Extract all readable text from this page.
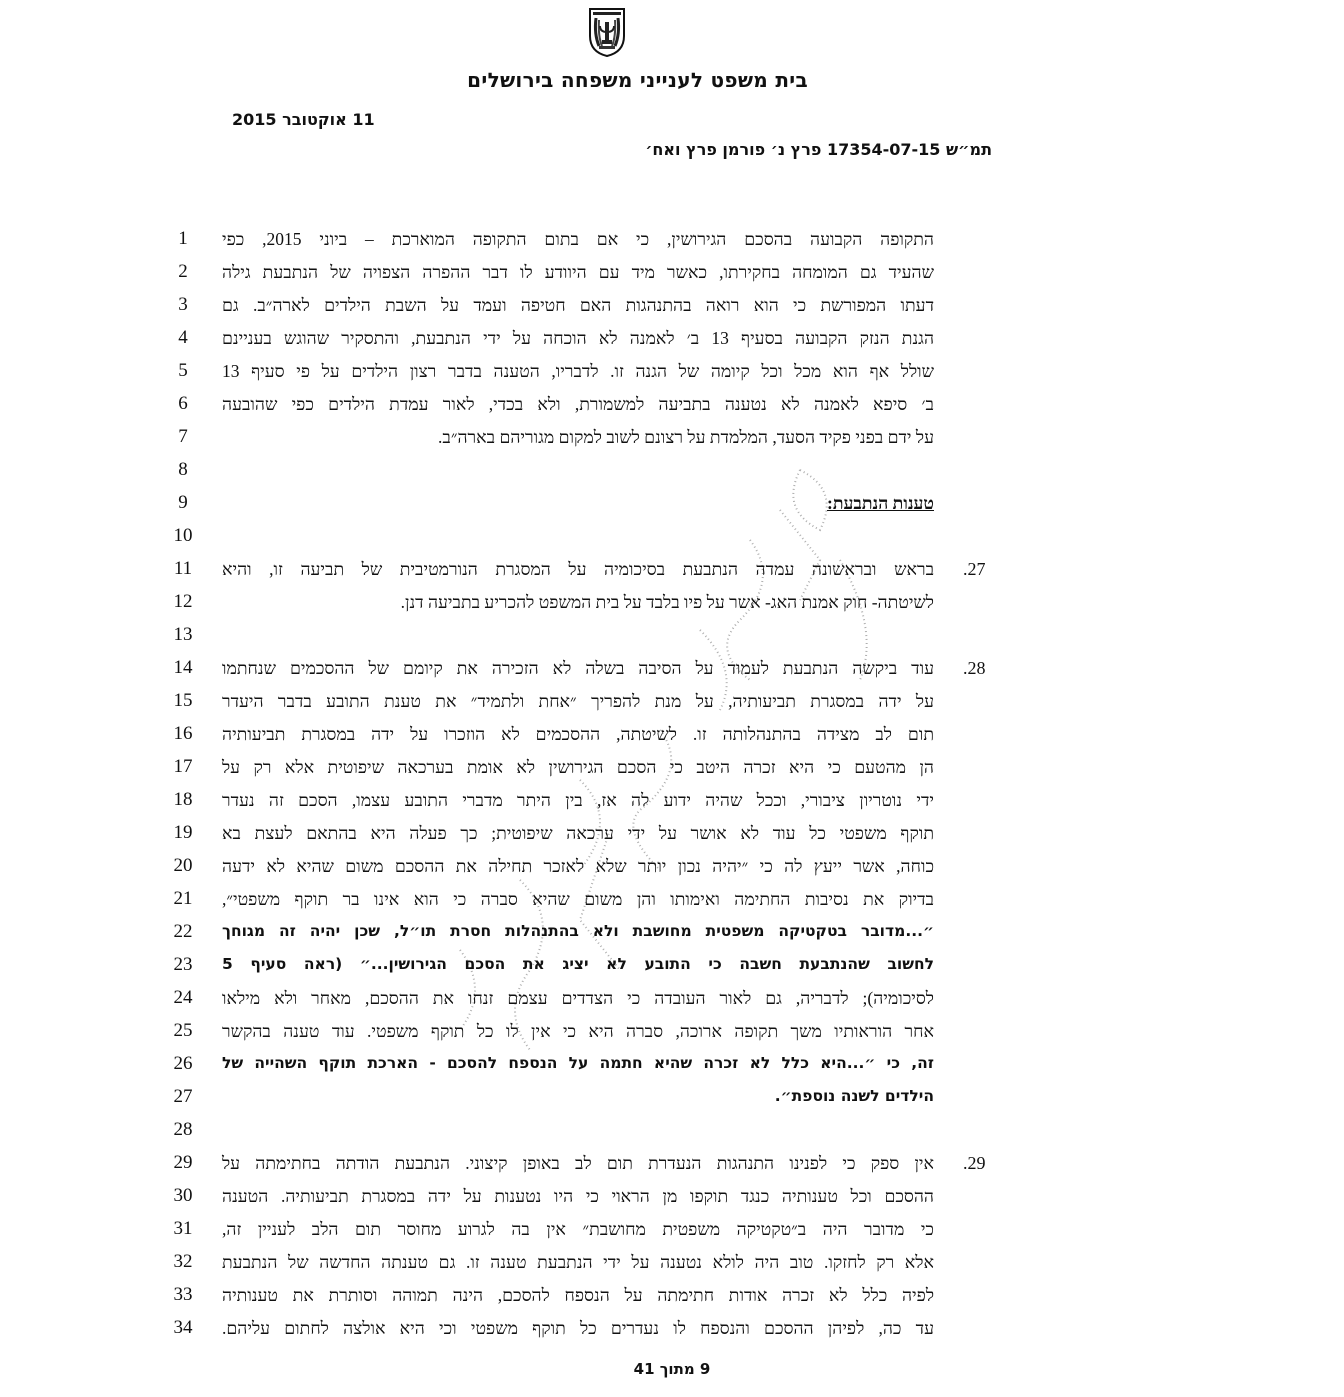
בית משפט לענייני משפחה בירושלים
11 אוקטובר 2015
תמ״ש 17354-07-15 פרץ נ׳ פורמן פרץ ואח׳
1	התקופה הקבועה בהסכם הגירושין, כי אם בתום התקופה המוארכת – ביוני 2015, כפי
2	שהעיד גם המומחה בחקירתו, כאשר מיד עם היוודע לו דבר ההפרה הצפויה של הנתבעת גילה
3	דעתו המפורשת כי הוא רואה בהתנהגות האם חטיפה ועמד על השבת הילדים לארה״ב. גם
4	הגנת הנזק הקבועה בסעיף 13 ב׳ לאמנה לא הוכחה על ידי הנתבעת, והתסקיר שהוגש בעניינם
5	שולל אף הוא מכל וכל קיומה של הגנה זו. לדבריו, הטענה בדבר רצון הילדים על פי סעיף 13
6	ב׳ סיפא לאמנה לא נטענה בתביעה למשמורת, ולא בכדי, לאור עמדת הילדים כפי שהובעה
7	על ידם בפני פקיד הסעד, המלמדת על רצונם לשוב למקום מגוריהם בארה״ב.
8
9	טענות הנתבעת:
10
11	בראש ובראשונה עמדה הנתבעת בסיכומיה על המסגרת הנורמטיבית של תביעה זו, והיא .27
12	לשיטתה- חוק אמנת האג- אשר על פיו בלבד על בית המשפט להכריע בתביעה דנן.
13
14	עוד ביקשה הנתבעת לעמוד על הסיבה בשלה לא הזכירה את קיומם של ההסכמים שנחתמו .28
15	על ידה במסגרת תביעותיה, על מנת להפריך ״אחת ולתמיד״ את טענת התובע בדבר היעדר
16	תום לב מצידה בהתנהלותה זו. לשיטתה, ההסכמים לא הוזכרו על ידה במסגרת תביעותיה
17	הן מהטעם כי היא זכרה היטב כי הסכם הגירושין לא אומת בערכאה שיפוטית אלא רק על
18	ידי נוטריון ציבורי, וככל שהיה ידוע לה אז, בין היתר מדברי התובע עצמו, הסכם זה נעדר
19	תוקף משפטי כל עוד לא אושר על ידי ערכאה שיפוטית; כך פעלה היא בהתאם לעצת בא
20	כוחה, אשר ייעץ לה כי ״יהיה נכון יותר שלא לאזכר תחילה את ההסכם משום שהיא לא ידעה
21	בדיוק את נסיבות החתימה ואימותו והן משום שהיא סברה כי הוא אינו בר תוקף משפטי״,
22	״...מדובר בטקטיקה משפטית מחושבת ולא בהתנהלות חסרת תו״ל, שכן יהיה זה מגוחך
23	לחשוב שהנתבעת חשבה כי התובע לא יציג את הסכם הגירושין...״ (ראה סעיף 5
24	לסיכומיה); לדבריה, גם לאור העובדה כי הצדדים עצמם זנחו את ההסכם, מאחר ולא מילאו
25	אחר הוראותיו משך תקופה ארוכה, סברה היא כי אין לו כל תוקף משפטי. עוד טענה בהקשר
26	זה, כי ״...היא כלל לא זכרה שהיא חתמה על הנספח להסכם - הארכת תוקף השהייה של
27	הילדים לשנה נוספת״.
28
29	אין ספק כי לפנינו התנהגות הנעדרת תום לב באופן קיצוני. הנתבעת הודתה בחתימתה על .29
30	ההסכם וכל טענותיה כנגד תוקפו מן הראוי כי היו נטענות על ידה במסגרת תביעותיה. הטענה
31	כי מדובר היה ב״טקטיקה משפטית מחושבת״ אין בה לגרוע מחוסר תום הלב לעניין זה,
32	אלא רק לחזקו. טוב היה לולא נטענה על ידי הנתבעת טענה זו. גם טענתה החדשה של הנתבעת
33	לפיה כלל לא זכרה אודות חתימתה על הנספח להסכם, הינה תמוהה וסותרת את טענותיה
34	עד כה, לפיהן ההסכם והנספח לו נעדרים כל תוקף משפטי וכי היא אולצה לחתום עליהם.
9 מתוך 41
